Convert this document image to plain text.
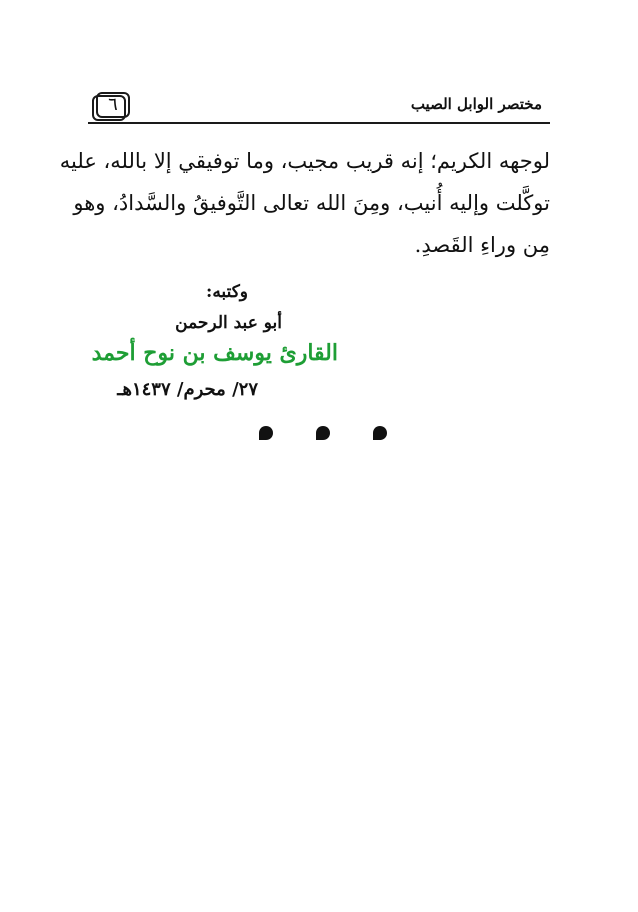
٦	مختصر الوابل الصيب
لوجهه الكريم؛ إنه قريب مجيب، وما توفيقي إلا بالله، عليه
توكَّلت وإليه أُنيب، ومِنَ الله تعالى التَّوفيقُ والسَّدادُ، وهو
مِن وراءِ القَصدِ.
وكتبه:
أبو عبد الرحمن
القارئ يوسف بن نوح أحمد
٢٧/ محرم/ ١٤٣٧هـ
